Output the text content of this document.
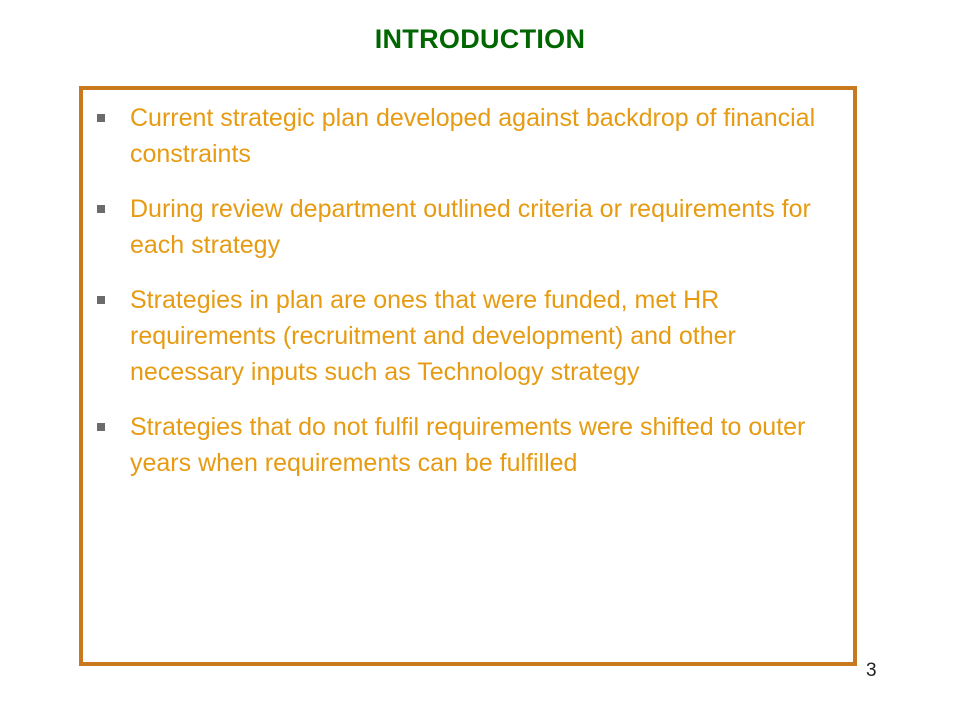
INTRODUCTION
Current strategic plan developed against backdrop of financial constraints
During review department outlined criteria or requirements for each strategy
Strategies in plan are ones that were funded, met HR requirements (recruitment and development) and other necessary inputs such as Technology strategy
Strategies that do not fulfil requirements were shifted to outer years when requirements can be fulfilled
3
